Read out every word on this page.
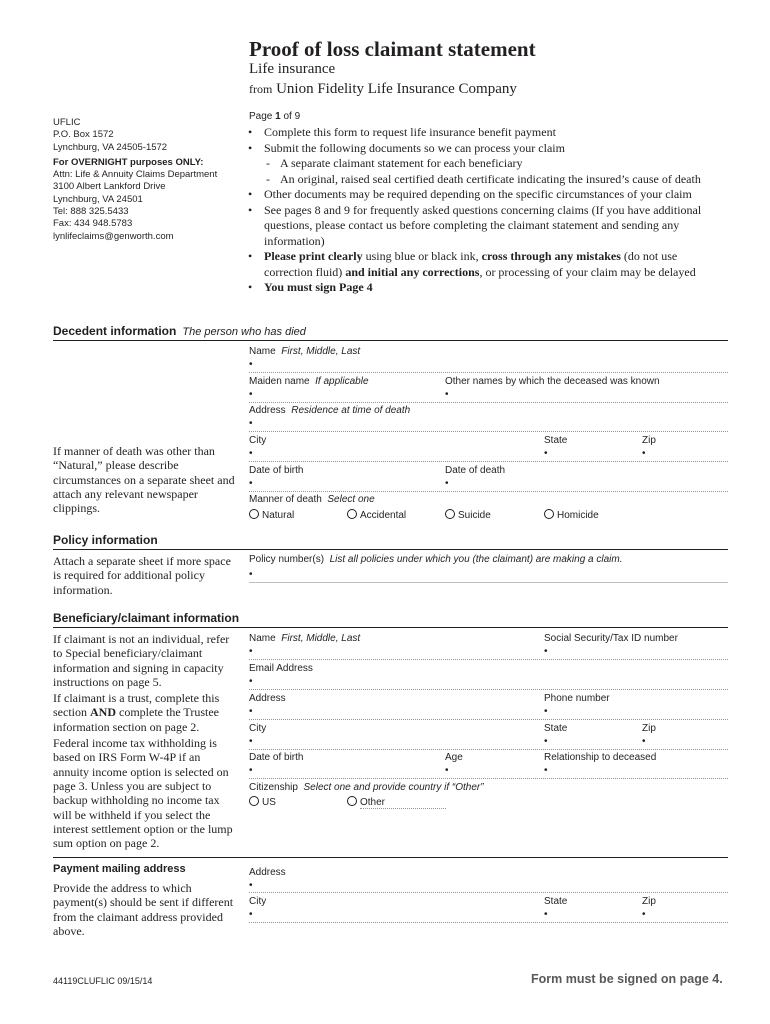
Proof of loss claimant statement
Life insurance
from Union Fidelity Life Insurance Company
UFLIC
P.O. Box 1572
Lynchburg, VA 24505-1572
For OVERNIGHT purposes ONLY:
Attn: Life & Annuity Claims Department
3100 Albert Lankford Drive
Lynchburg, VA 24501
Tel: 888 325.5433
Fax: 434 948.5783
lynlifeclaims@genworth.com
Page 1 of 9
• Complete this form to request life insurance benefit payment
• Submit the following documents so we can process your claim
- A separate claimant statement for each beneficiary
- An original, raised seal certified death certificate indicating the insured’s cause of death
• Other documents may be required depending on the specific circumstances of your claim
• See pages 8 and 9 for frequently asked questions concerning claims (If you have additional questions, please contact us before completing the claimant statement and sending any information)
• Please print clearly using blue or black ink, cross through any mistakes (do not use correction fluid) and initial any corrections, or processing of your claim may be delayed
• You must sign Page 4
Decedent information The person who has died
Name First, Middle, Last
•
Maiden name If applicable	Other names by which the deceased was known
•	•
Address Residence at time of death
•
If manner of death was other than “Natural,” please describe circumstances on a separate sheet and attach any relevant newspaper clippings.
City	State	Zip
•	•	•
Date of birth	Date of death
•	•
Manner of death Select one
Natural	Accidental	Suicide	Homicide
Policy information
Attach a separate sheet if more space is required for additional policy information.
Policy number(s) List all policies under which you (the claimant) are making a claim.
•
Beneficiary/claimant information
If claimant is not an individual, refer to Special beneficiary/claimant information and signing in capacity instructions on page 5.
If claimant is a trust, complete this section AND complete the Trustee information section on page 2.
Federal income tax withholding is based on IRS Form W-4P if an annuity income option is selected on page 3. Unless you are subject to backup withholding no income tax will be withheld if you select the interest settlement option or the lump sum option on page 2.
Name First, Middle, Last	Social Security/Tax ID number
•	•
Email Address
•
Address	Phone number
•	•
City	State	Zip
•	•	•
Date of birth	Age	Relationship to deceased
•	•	•
Citizenship Select one and provide country if “Other”
US	Other
Payment mailing address
Provide the address to which payment(s) should be sent if different from the claimant address provided above.
Address
•
City	State	Zip
•	•	•
44119CLUFLIC 09/15/14	Form must be signed on page 4.
